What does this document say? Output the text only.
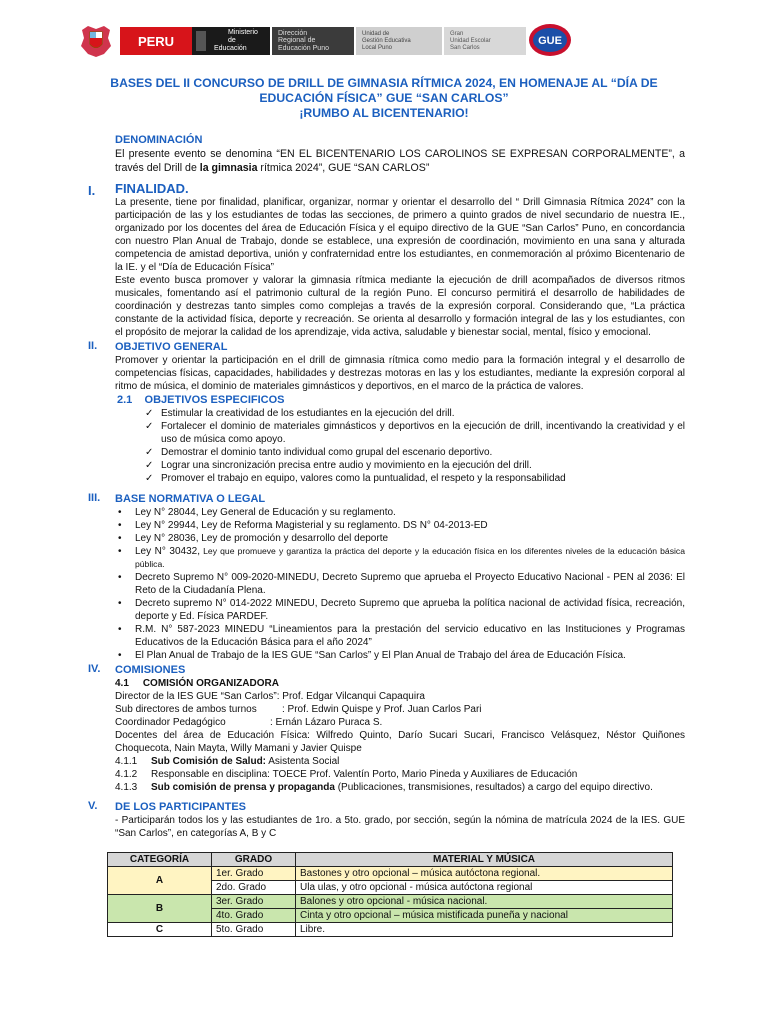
PERU
Ministerio
de Educación
Dirección
Regional de
Educación Puno
Unidad de
Gestión Educativa
Local Puno
Gran
Unidad Escolar
San Carlos
GUE
BASES DEL II CONCURSO DE DRILL DE GIMNASIA RÍTMICA 2024, EN HOMENAJE AL “DÍA DE
EDUCACIÓN FÍSICA” GUE “SAN CARLOS”
¡RUMBO AL BICENTENARIO!
DENOMINACIÓN
El presente evento se denomina “EN EL BICENTENARIO LOS CAROLINOS SE EXPRESAN CORPORALMENTE”, a través del Drill de la gimnasia rítmica 2024”, GUE “SAN CARLOS”
I. FINALIDAD.
La presente, tiene por finalidad, planificar, organizar, normar y orientar el desarrollo del “ Drill Gimnasia Rítmica 2024” con la participación de las y los estudiantes de todas las secciones, de primero a quinto grados de nivel secundario de nuestra IE., organizado por los docentes del área de Educación Física y el equipo directivo de la GUE “San Carlos” Puno, en concordancia con nuestro Plan Anual de Trabajo, donde se establece, una expresión de coordinación, movimiento en una sana y alturada competencia de amistad deportiva, unión y confraternidad entre los estudiantes, en conmemoración al próximo Bicentenario de la IE. y el “Día de Educación Física”
Este evento busca promover y valorar la gimnasia rítmica mediante la ejecución de drill acompañados de diversos ritmos musicales, fomentando así el patrimonio cultural de la región Puno. El concurso permitirá el desarrollo de habilidades de coordinación y destrezas tanto simples como complejas a través de la expresión corporal. Considerando que, “La práctica constante de la actividad física, deporte y recreación. Se orienta al desarrollo y formación integral de las y los estudiantes, con el propósito de mejorar la calidad de los aprendizaje, vida activa, saludable y bienestar social, mental, físico y emocional.
II. OBJETIVO GENERAL
Promover y orientar la participación en el drill de gimnasia rítmica como medio para la formación integral y el desarrollo de competencias físicas, capacidades, habilidades y destrezas motoras en las y los estudiantes, mediante la expresión corporal al ritmo de música, el dominio de materiales gimnásticos y deportivos, en el marco de la práctica de valores.
2.1 OBJETIVOS ESPECIFICOS
✓ Estimular la creatividad de los estudiantes en la ejecución del drill.
✓ Fortalecer el dominio de materiales gimnásticos y deportivos en la ejecución de drill, incentivando la creatividad y el uso de música como apoyo.
✓ Demostrar el dominio tanto individual como grupal del escenario deportivo.
✓ Lograr una sincronización precisa entre audio y movimiento en la ejecución del drill.
✓ Promover el trabajo en equipo, valores como la puntualidad, el respeto y la responsabilidad
III. BASE NORMATIVA O LEGAL
• Ley N° 28044, Ley General de Educación y su reglamento.
• Ley N° 29944, Ley de Reforma Magisterial y su reglamento. DS N° 04-2013-ED
• Ley N° 28036, Ley de promoción y desarrollo del deporte
• Ley N° 30432, Ley que promueve y garantiza la práctica del deporte y la educación física en los diferentes niveles de la educación básica pública.
• Decreto Supremo N° 009-2020-MINEDU, Decreto Supremo que aprueba el Proyecto Educativo Nacional - PEN al 2036: El Reto de la Ciudadanía Plena.
• Decreto supremo N° 014-2022 MINEDU, Decreto Supremo que aprueba la política nacional de actividad física, recreación, deporte y Ed. Física PARDEF.
• R.M. N° 587-2023 MINEDU “Lineamientos para la prestación del servicio educativo en las Instituciones y Programas Educativos de la Educación Básica para el año 2024”
• El Plan Anual de Trabajo de la IES GUE “San Carlos” y El Plan Anual de Trabajo del área de Educación Física.
IV. COMISIONES
4.1 COMISIÓN ORGANIZADORA
Director de la IES GUE “San Carlos” : Prof. Edgar Vilcanqui Capaquira
Sub directores de ambos turnos	: Prof. Edwin Quispe y Prof. Juan Carlos Pari
Coordinador Pedagógico	: Ernán Lázaro Puraca S.
Docentes del área de Educación Física: Wilfredo Quinto, Darío Sucari Sucari, Francisco Velásquez, Néstor Quiñones Choquecota, Nain Mayta, Willy Mamani y Javier Quispe
4.1.1	Sub Comisión de Salud: Asistenta Social
4.1.2	Responsable en disciplina: TOECE Prof. Valentín Porto, Mario Pineda y Auxiliares de Educación
4.1.3	Sub comisión de prensa y propaganda (Publicaciones, transmisiones, resultados) a cargo del equipo directivo.
V. DE LOS PARTICIPANTES
- Participarán todos los y las estudiantes de 1ro. a 5to. grado, por sección, según la nómina de matrícula 2024 de la IES. GUE “San Carlos”, en categorías A, B y C
CATEGORÍA	GRADO	MATERIAL Y MÚSICA
A	1er. Grado	Bastones y otro opcional – música autóctona regional.
	2do. Grado	Ula ulas, y otro opcional - música autóctona regional
B	3er. Grado	Balones y otro opcional - música nacional.
	4to. Grado	Cinta y otro opcional – música mistificada puneña y nacional
C	5to. Grado	Libre.
